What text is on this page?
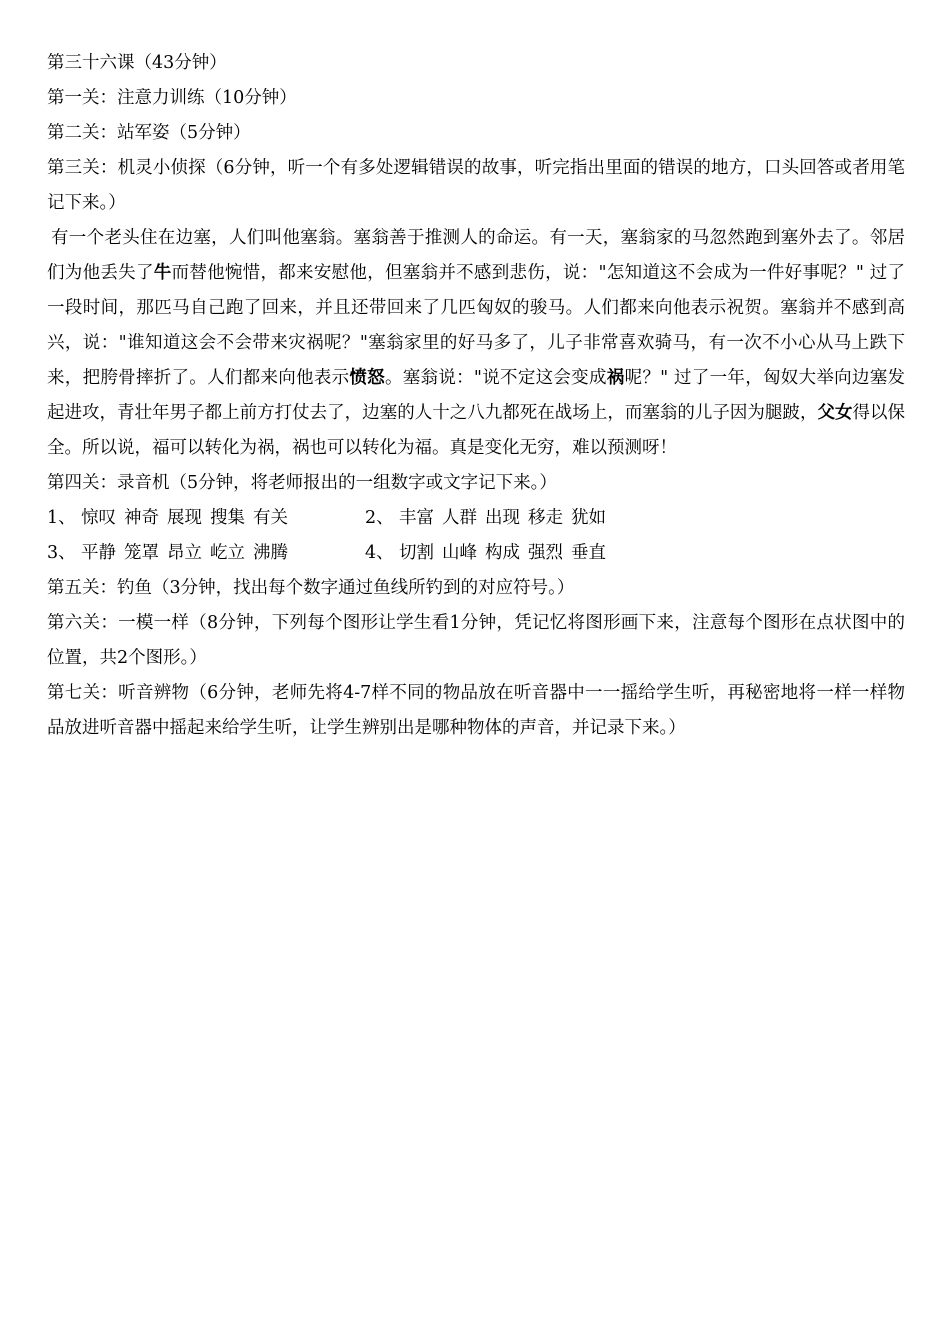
第三十六课（43分钟）
第一关：注意力训练（10分钟）
第二关：站军姿（5分钟）
第三关：机灵小侦探（6分钟，听一个有多处逻辑错误的故事，听完指出里面的错误的地方，口头回答或者用笔记下来。）
有一个老头住在边塞，人们叫他塞翁。塞翁善于推测人的命运。有一天，塞翁家的马忽然跑到塞外去了。邻居们为他丢失了牛而替他惋惜，都来安慰他，但塞翁并不感到悲伤，说："怎知道这不会成为一件好事呢？" 过了一段时间，那匹马自己跑了回来，并且还带回来了几匹匈奴的骏马。人们都来向他表示祝贺。塞翁并不感到高兴，说："谁知道这会不会带来灾祸呢？"塞翁家里的好马多了，儿子非常喜欢骑马，有一次不小心从马上跌下来，把胯骨摔折了。人们都来向他表示愤怒。塞翁说："说不定这会变成祸呢？" 过了一年，匈奴大举向边塞发起进攻，青壮年男子都上前方打仗去了，边塞的人十之八九都死在战场上，而塞翁的儿子因为腿跛，父女得以保全。所以说，福可以转化为祸，祸也可以转化为福。真是变化无穷，难以预测呀！
第四关：录音机（5分钟，将老师报出的一组数字或文字记下来。）
1、 惊叹 神奇 展现 搜集 有关	2、 丰富 人群 出现 移走 犹如
3、 平静 笼罩 昂立 屹立 沸腾	4、 切割 山峰 构成 强烈 垂直
第五关：钓鱼（3分钟，找出每个数字通过鱼线所钓到的对应符号。）
第六关：一模一样（8分钟，下列每个图形让学生看1分钟，凭记忆将图形画下来，注意每个图形在点状图中的位置，共2个图形。）
第七关：听音辨物（6分钟，老师先将4-7样不同的物品放在听音器中一一摇给学生听，再秘密地将一样一样物品放进听音器中摇起来给学生听，让学生辨别出是哪种物体的声音，并记录下来。）
